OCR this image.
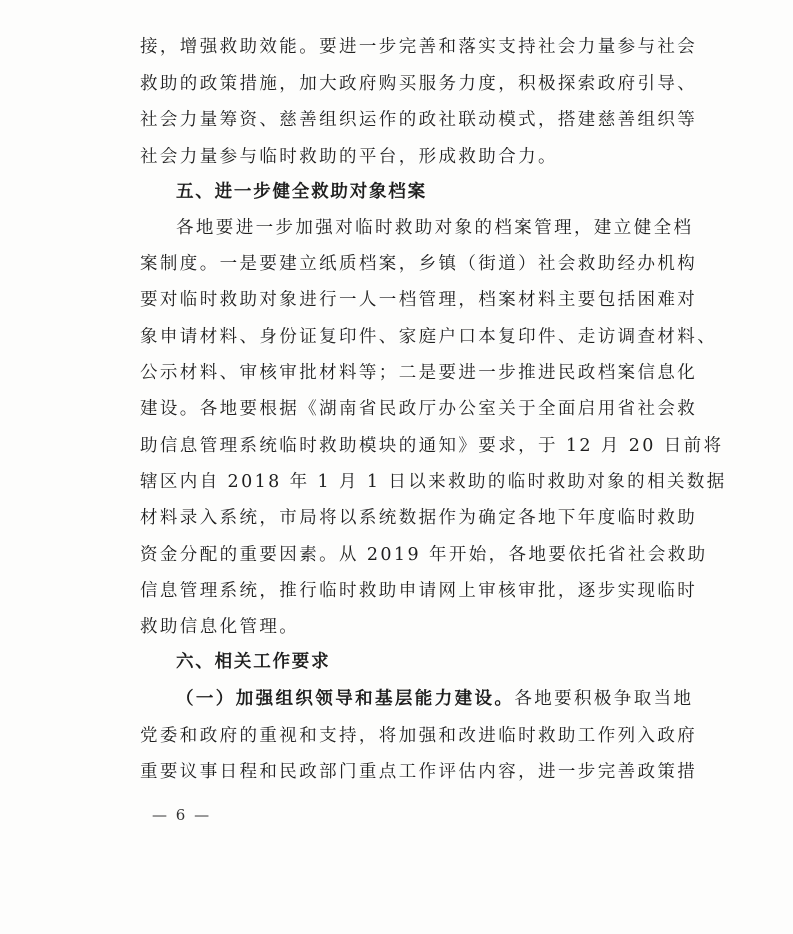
接，增强救助效能。要进一步完善和落实支持社会力量参与社会
救助的政策措施，加大政府购买服务力度，积极探索政府引导、
社会力量筹资、慈善组织运作的政社联动模式，搭建慈善组织等
社会力量参与临时救助的平台，形成救助合力。
五、进一步健全救助对象档案
各地要进一步加强对临时救助对象的档案管理，建立健全档
案制度。一是要建立纸质档案，乡镇（街道）社会救助经办机构
要对临时救助对象进行一人一档管理，档案材料主要包括困难对
象申请材料、身份证复印件、家庭户口本复印件、走访调查材料、
公示材料、审核审批材料等；二是要进一步推进民政档案信息化
建设。各地要根据《湖南省民政厅办公室关于全面启用省社会救
助信息管理系统临时救助模块的通知》要求，于 12 月 20 日前将
辖区内自 2018 年 1 月 1 日以来救助的临时救助对象的相关数据
材料录入系统，市局将以系统数据作为确定各地下年度临时救助
资金分配的重要因素。从 2019 年开始，各地要依托省社会救助
信息管理系统，推行临时救助申请网上审核审批，逐步实现临时
救助信息化管理。
六、相关工作要求
（一）加强组织领导和基层能力建设。各地要积极争取当地
党委和政府的重视和支持，将加强和改进临时救助工作列入政府
重要议事日程和民政部门重点工作评估内容，进一步完善政策措
— 6 —
